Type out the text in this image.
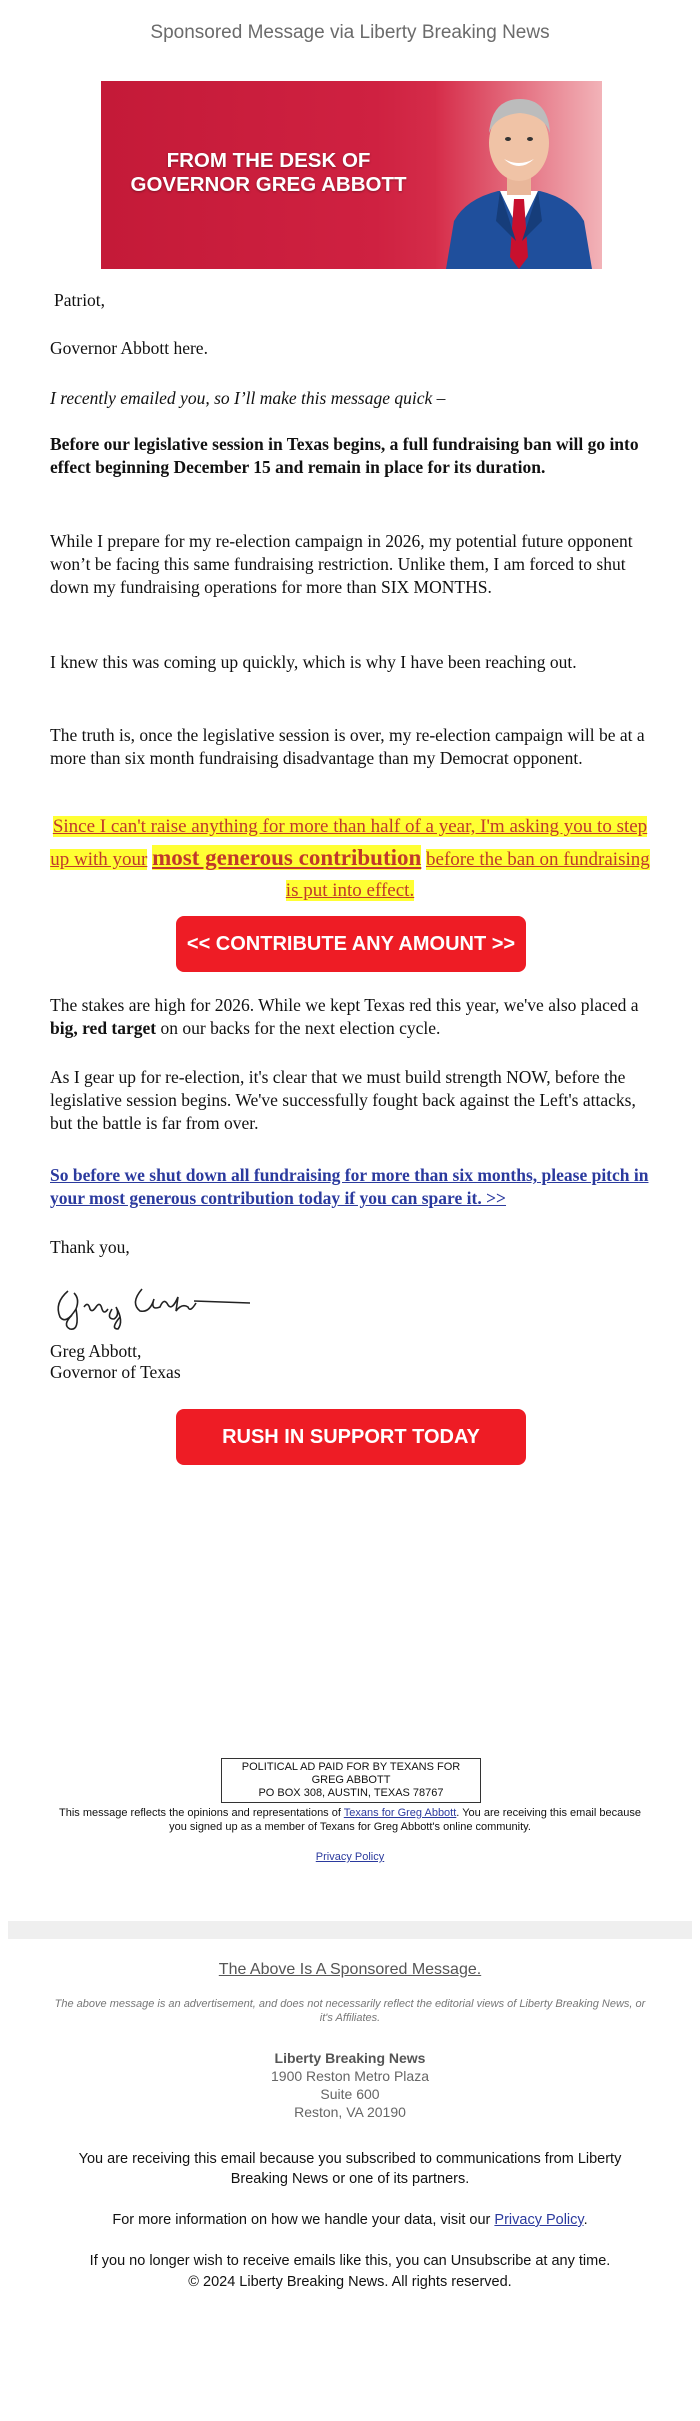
Sponsored Message via Liberty Breaking News
FROM THE DESK OF
GOVERNOR GREG ABBOTT
Patriot,
Governor Abbott here.
I recently emailed you, so I’ll make this message quick –
Before our legislative session in Texas begins, a full fundraising ban will go into effect beginning December 15 and remain in place for its duration.
While I prepare for my re-election campaign in 2026, my potential future opponent won’t be facing this same fundraising restriction. Unlike them, I am forced to shut down my fundraising operations for more than SIX MONTHS.
I knew this was coming up quickly, which is why I have been reaching out.
The truth is, once the legislative session is over, my re-election campaign will be at a more than six month fundraising disadvantage than my Democrat opponent.
Since I can't raise anything for more than half of a year, I'm asking you to step up with your most generous contribution before the ban on fundraising is put into effect.
<< CONTRIBUTE ANY AMOUNT >>
The stakes are high for 2026. While we kept Texas red this year, we've also placed a big, red target on our backs for the next election cycle.
As I gear up for re-election, it's clear that we must build strength NOW, before the legislative session begins. We've successfully fought back against the Left's attacks, but the battle is far from over.
So before we shut down all fundraising for more than six months, please pitch in your most generous contribution today if you can spare it. >>
Thank you,
Greg Abbott,
Governor of Texas
RUSH IN SUPPORT TODAY
POLITICAL AD PAID FOR BY TEXANS FOR GREG ABBOTT
PO BOX 308, AUSTIN, TEXAS 78767
This message reflects the opinions and representations of Texans for Greg Abbott. You are receiving this email because you signed up as a member of Texans for Greg Abbott's online community.
Privacy Policy
The Above Is A Sponsored Message.
The above message is an advertisement, and does not necessarily reflect the editorial views of Liberty Breaking News, or it's Affiliates.
Liberty Breaking News
1900 Reston Metro Plaza
Suite 600
Reston, VA 20190
You are receiving this email because you subscribed to communications from Liberty Breaking News or one of its partners.
For more information on how we handle your data, visit our Privacy Policy.
If you no longer wish to receive emails like this, you can Unsubscribe at any time.
© 2024 Liberty Breaking News. All rights reserved.
